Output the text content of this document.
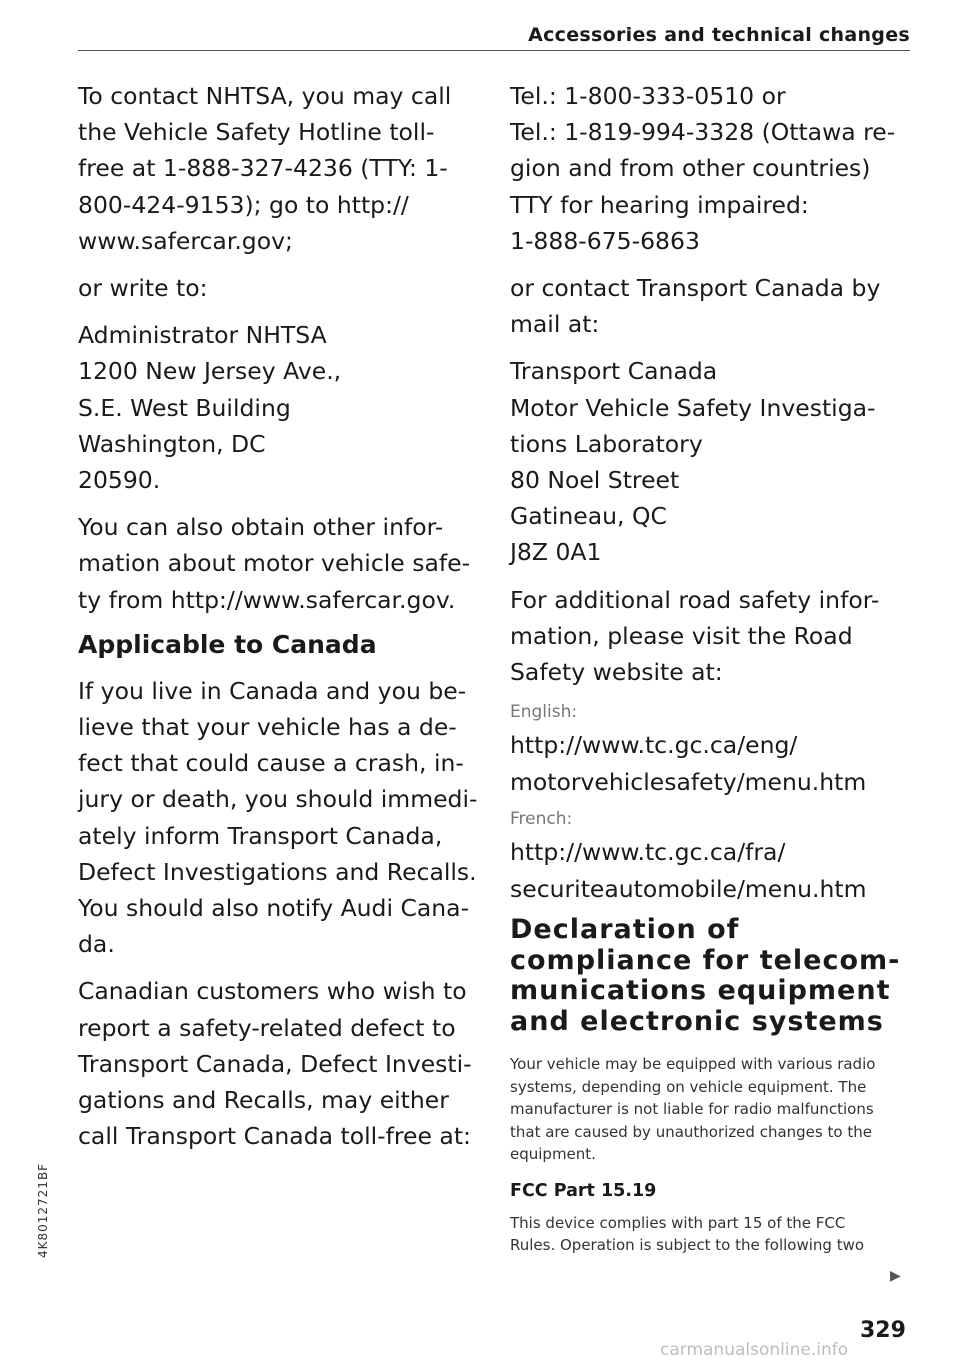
Accessories and technical changes

To contact NHTSA, you may call
the Vehicle Safety Hotline toll-
free at 1-888-327-4236 (TTY: 1-
800-424-9153); go to http://
www.safercar.gov;

or write to:

Administrator NHTSA
1200 New Jersey Ave.,
S.E. West Building
Washington, DC
20590.

You can also obtain other infor-
mation about motor vehicle safe-
ty from http://www.safercar.gov.

Applicable to Canada

If you live in Canada and you be-
lieve that your vehicle has a de-
fect that could cause a crash, in-
jury or death, you should immedi-
ately inform Transport Canada,
Defect Investigations and Recalls.
You should also notify Audi Cana-
da.

Canadian customers who wish to
report a safety-related defect to
Transport Canada, Defect Investi-
gations and Recalls, may either
call Transport Canada toll-free at:

Tel.: 1-800-333-0510 or
Tel.: 1-819-994-3328 (Ottawa re-
gion and from other countries)
TTY for hearing impaired:
1-888-675-6863

or contact Transport Canada by
mail at:

Transport Canada
Motor Vehicle Safety Investiga-
tions Laboratory
80 Noel Street
Gatineau, QC
J8Z 0A1

For additional road safety infor-
mation, please visit the Road
Safety website at:

English:

http://www.tc.gc.ca/eng/
motorvehiclesafety/menu.htm

French:

http://www.tc.gc.ca/fra/
securiteautomobile/menu.htm

Declaration of
compliance for telecom-
munications equipment
and electronic systems

Your vehicle may be equipped with various radio
systems, depending on vehicle equipment. The
manufacturer is not liable for radio malfunctions
that are caused by unauthorized changes to the
equipment.

FCC Part 15.19

This device complies with part 15 of the FCC
Rules. Operation is subject to the following two

▶
329
4K8012721BF
carmanualsonline.info
